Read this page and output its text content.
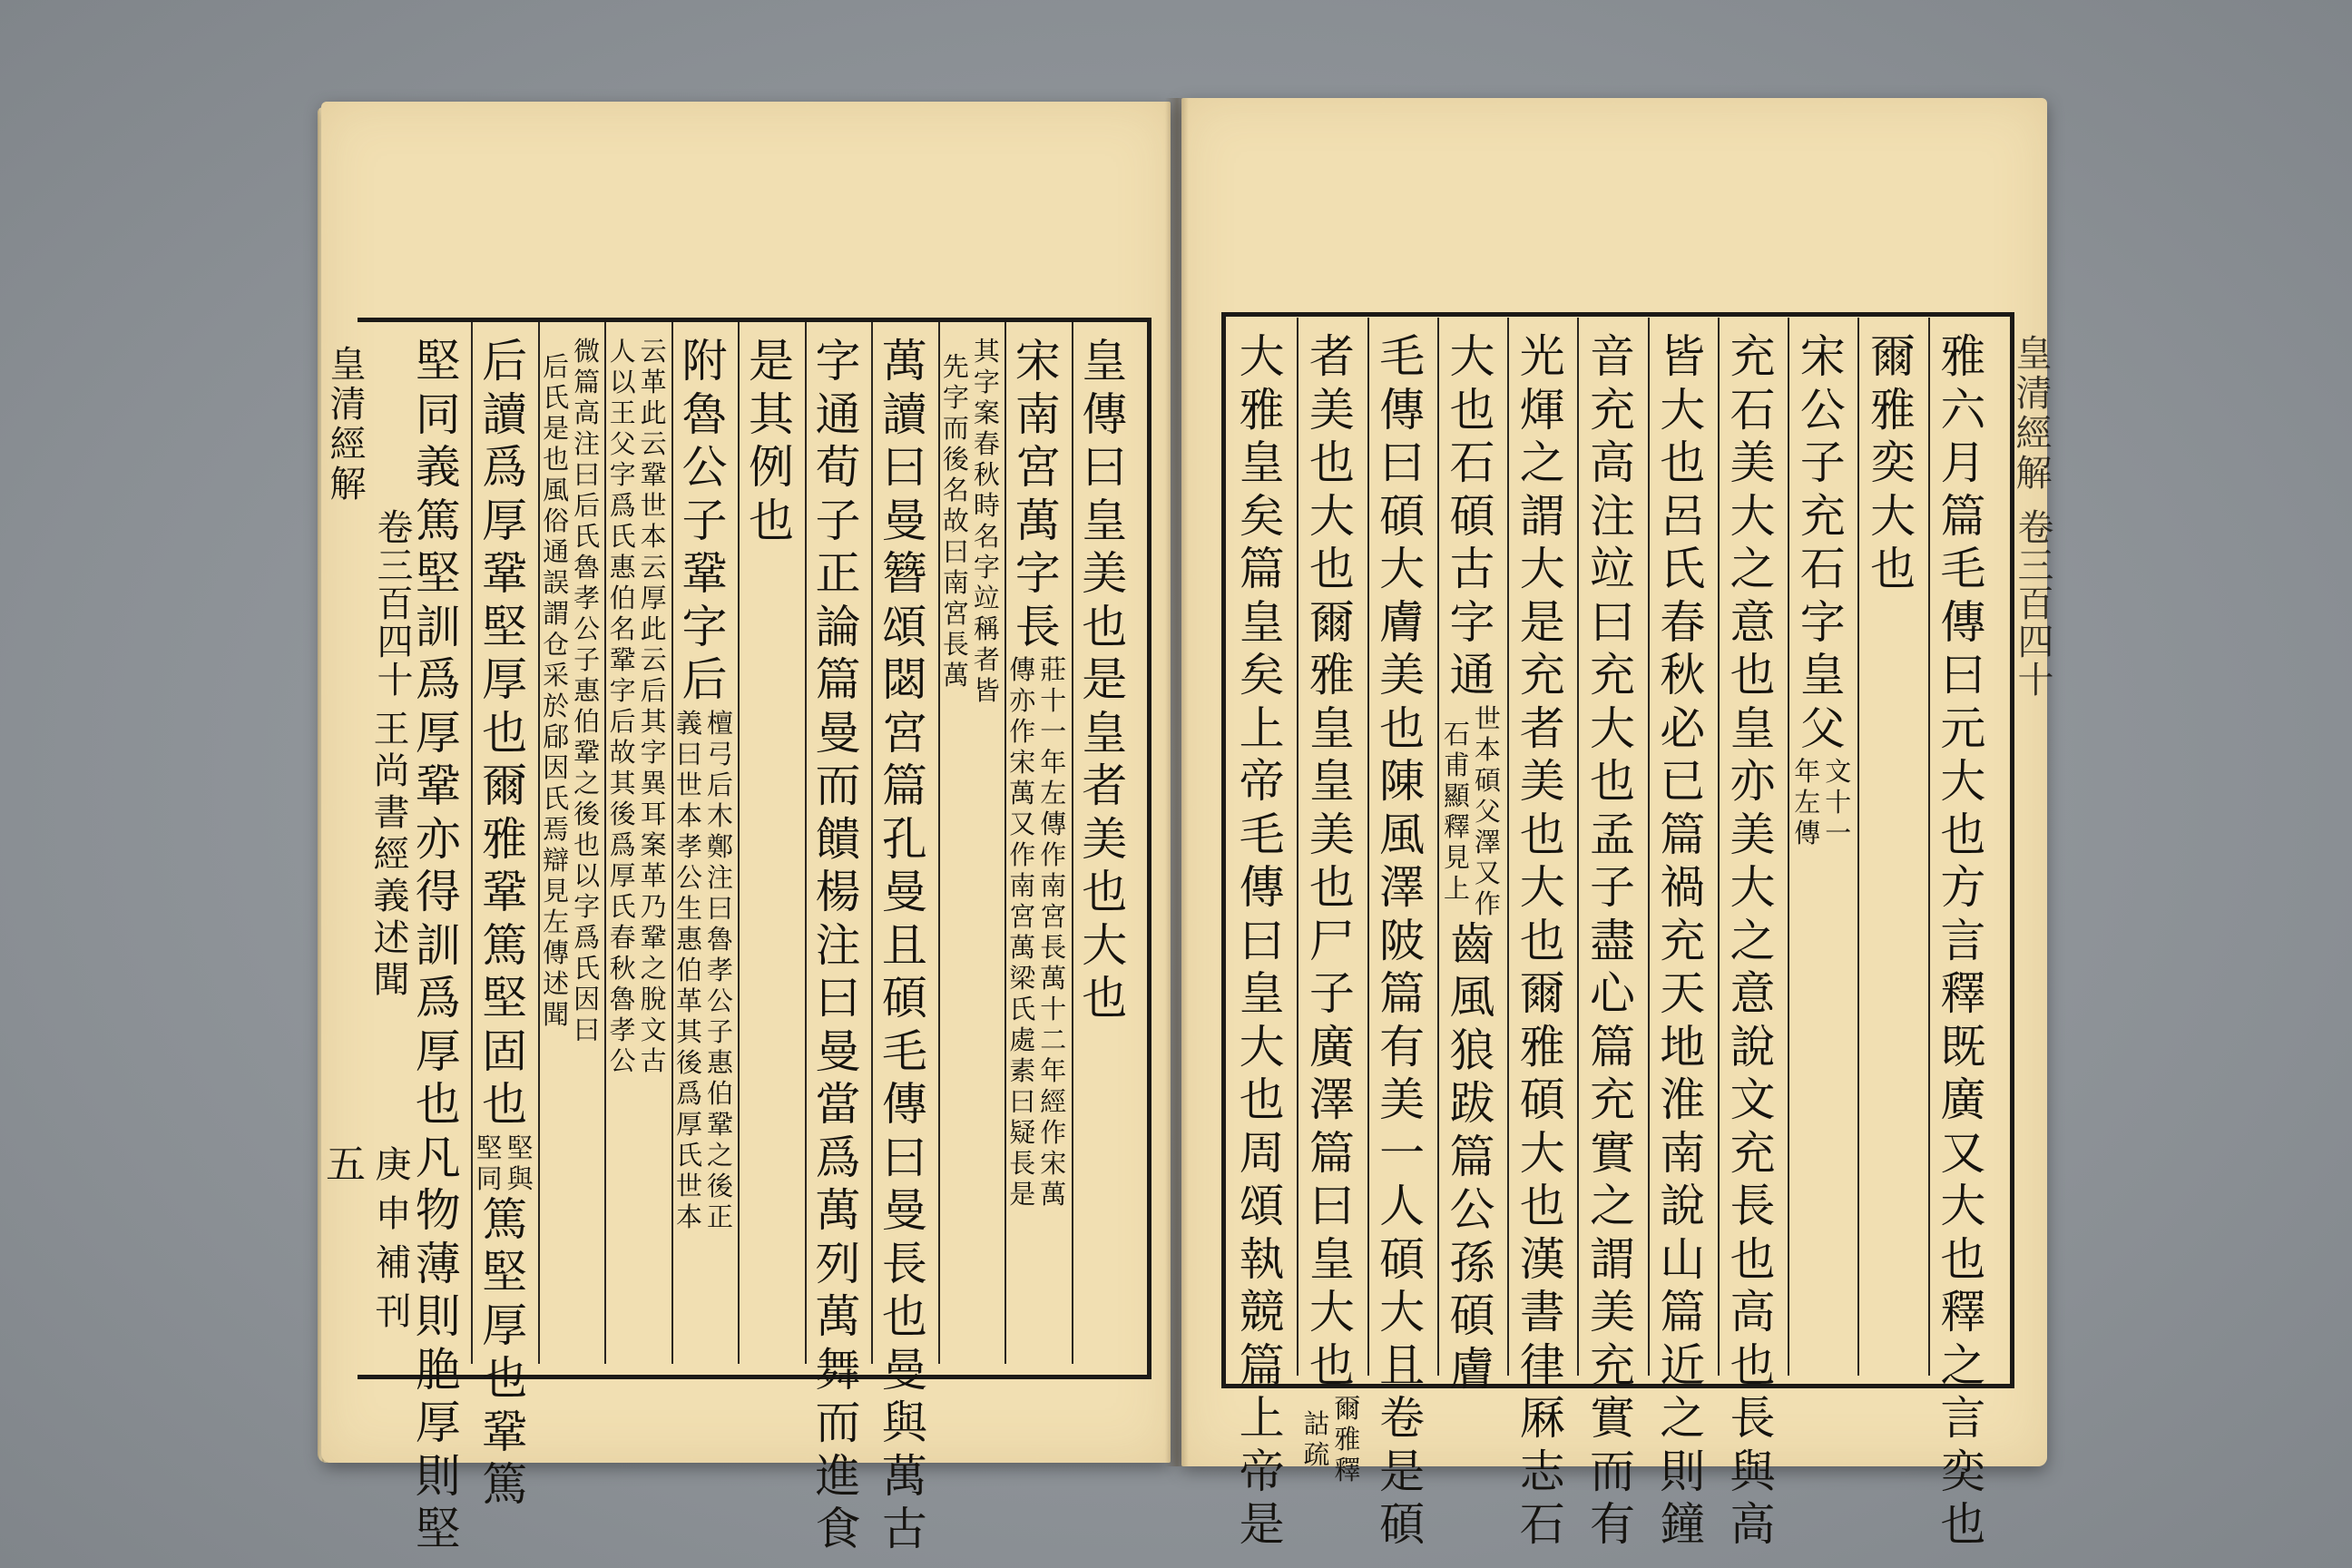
皇清經解
卷三百四十
王尚書經義述聞
五 庚申補刊
皇清經解
卷三百四十
皇
傳
曰
皇
美
也
是
皇
者
美
也
大
也
宋
南
宮
萬
字
長
傳
亦
作
宋
萬
又
作
南
宮
萬
梁
氏
處
素
曰
疑
長
是
莊
十
一
年
左
傳
作
南
宮
長
萬
十
二
年
經
作
宋
萬
先
字
而
後
名
故
曰
南
宮
長
萬
其
字
案
春
秋
時
名
字
竝
稱
者
皆
萬
讀
曰
曼
簪
頌
閟
宮
篇
孔
曼
且
碩
毛
傳
曰
曼
長
也
曼
與
萬
古
字
通
荀
子
正
論
篇
曼
而
饋
楊
注
曰
曼
當
爲
萬
列
萬
舞
而
進
食
是
其
例
也
附
魯
公
子
鞏
字
后
義
曰
世
本
孝
公
生
惠
伯
革
其
後
爲
厚
氏
世
本
檀
弓
后
木
鄭
注
曰
魯
孝
公
子
惠
伯
鞏
之
後
正
人
以
王
父
字
爲
氏
惠
伯
名
鞏
字
后
故
其
後
爲
厚
氏
春
秋
魯
孝
公
云
革
此
云
鞏
世
本
云
厚
此
云
后
其
字
異
耳
案
革
乃
鞏
之
脫
文
古
后
氏
是
也
風
俗
通
誤
謂
仓
采
於
郈
因
氏
焉
辯
見
左
傳
述
聞
微
篇
高
注
曰
后
氏
魯
孝
公
子
惠
伯
鞏
之
後
也
以
字
爲
氏
因
曰
后
讀
爲
厚
鞏
堅
厚
也
爾
雅
鞏
篤
堅
固
也
堅
同
堅
與
篤
堅
厚
也
鞏
篤
堅
同
義
篤
堅
訓
爲
厚
鞏
亦
得
訓
爲
厚
也
凡
物
薄
則
脃
厚
則
堅
雅
六
月
篇
毛
傳
曰
元
大
也
方
言
釋
既
廣
又
大
也
釋
之
言
奕
也
爾
雅
奕
大
也
宋
公
子
充
石
字
皇
父
年
左
傳
文
十
一
充
石
美
大
之
意
也
皇
亦
美
大
之
意
說
文
充
長
也
高
也
長
與
高
皆
大
也
呂
氏
春
秋
必
已
篇
禍
充
天
地
淮
南
說
山
篇
近
之
則
鐘
音
充
高
注
竝
曰
充
大
也
孟
子
盡
心
篇
充
實
之
謂
美
充
實
而
有
光
煇
之
謂
大
是
充
者
美
也
大
也
爾
雅
碩
大
也
漢
書
律
厤
志
石
大
也
石
碩
古
字
通
石
甫
顯
釋
見
上
世
本
碩
父
澤
又
作
齒
風
狼
跋
篇
公
孫
碩
膚
毛
傳
曰
碩
大
膚
美
也
陳
風
澤
陂
篇
有
美
一
人
碩
大
且
卷
是
碩
者
美
也
大
也
爾
雅
皇
皇
美
也
尸
子
廣
澤
篇
曰
皇
大
也
詁
疏
爾
雅
釋
大
雅
皇
矣
篇
皇
矣
上
帝
毛
傳
曰
皇
大
也
周
頌
執
競
篇
上
帝
是
